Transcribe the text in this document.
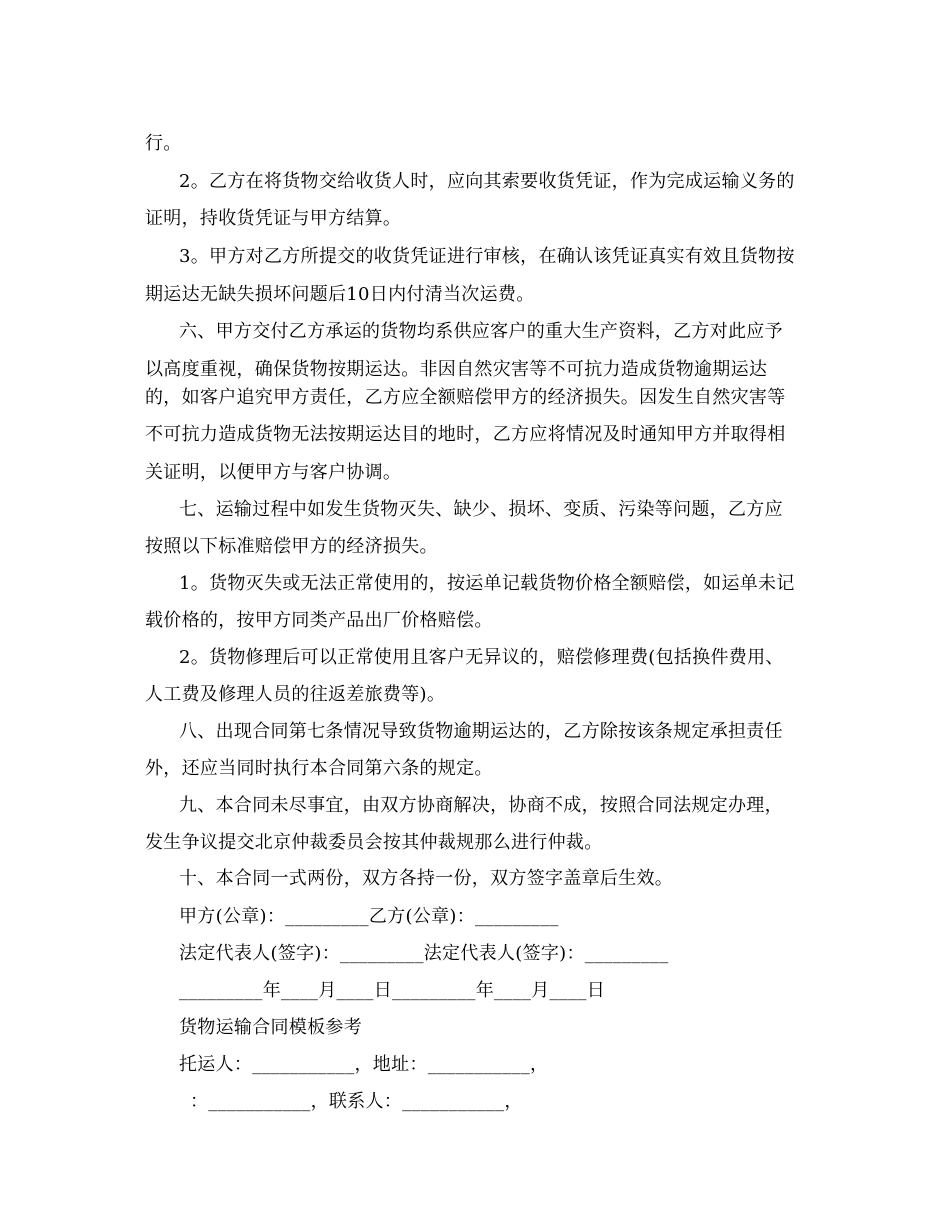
行。
2。乙方在将货物交给收货人时，应向其索要收货凭证，作为完成运输义务的
证明，持收货凭证与甲方结算。
3。甲方对乙方所提交的收货凭证进行审核，在确认该凭证真实有效且货物按
期运达无缺失损坏问题后10日内付清当次运费。
六、甲方交付乙方承运的货物均系供应客户的重大生产资料，乙方对此应予
以高度重视，确保货物按期运达。非因自然灾害等不可抗力造成货物逾期运达
的，如客户追究甲方责任，乙方应全额赔偿甲方的经济损失。因发生自然灾害等
不可抗力造成货物无法按期运达目的地时，乙方应将情况及时通知甲方并取得相
关证明，以便甲方与客户协调。
七、运输过程中如发生货物灭失、缺少、损坏、变质、污染等问题，乙方应
按照以下标准赔偿甲方的经济损失。
1。货物灭失或无法正常使用的，按运单记载货物价格全额赔偿，如运单未记
载价格的，按甲方同类产品出厂价格赔偿。
2。货物修理后可以正常使用且客户无异议的，赔偿修理费(包括换件费用、
人工费及修理人员的往返差旅费等)。
八、出现合同第七条情况导致货物逾期运达的，乙方除按该条规定承担责任
外，还应当同时执行本合同第六条的规定。
九、本合同未尽事宜，由双方协商解决，协商不成，按照合同法规定办理，
发生争议提交北京仲裁委员会按其仲裁规那么进行仲裁。
十、本合同一式两份，双方各持一份，双方签字盖章后生效。
甲方(公章)：_________乙方(公章)：_________
法定代表人(签字)：_________法定代表人(签字)：_________
_________年____月____日_________年____月____日
货物运输合同模板参考
托运人：___________，地址：___________，
：___________，联系人：___________，
